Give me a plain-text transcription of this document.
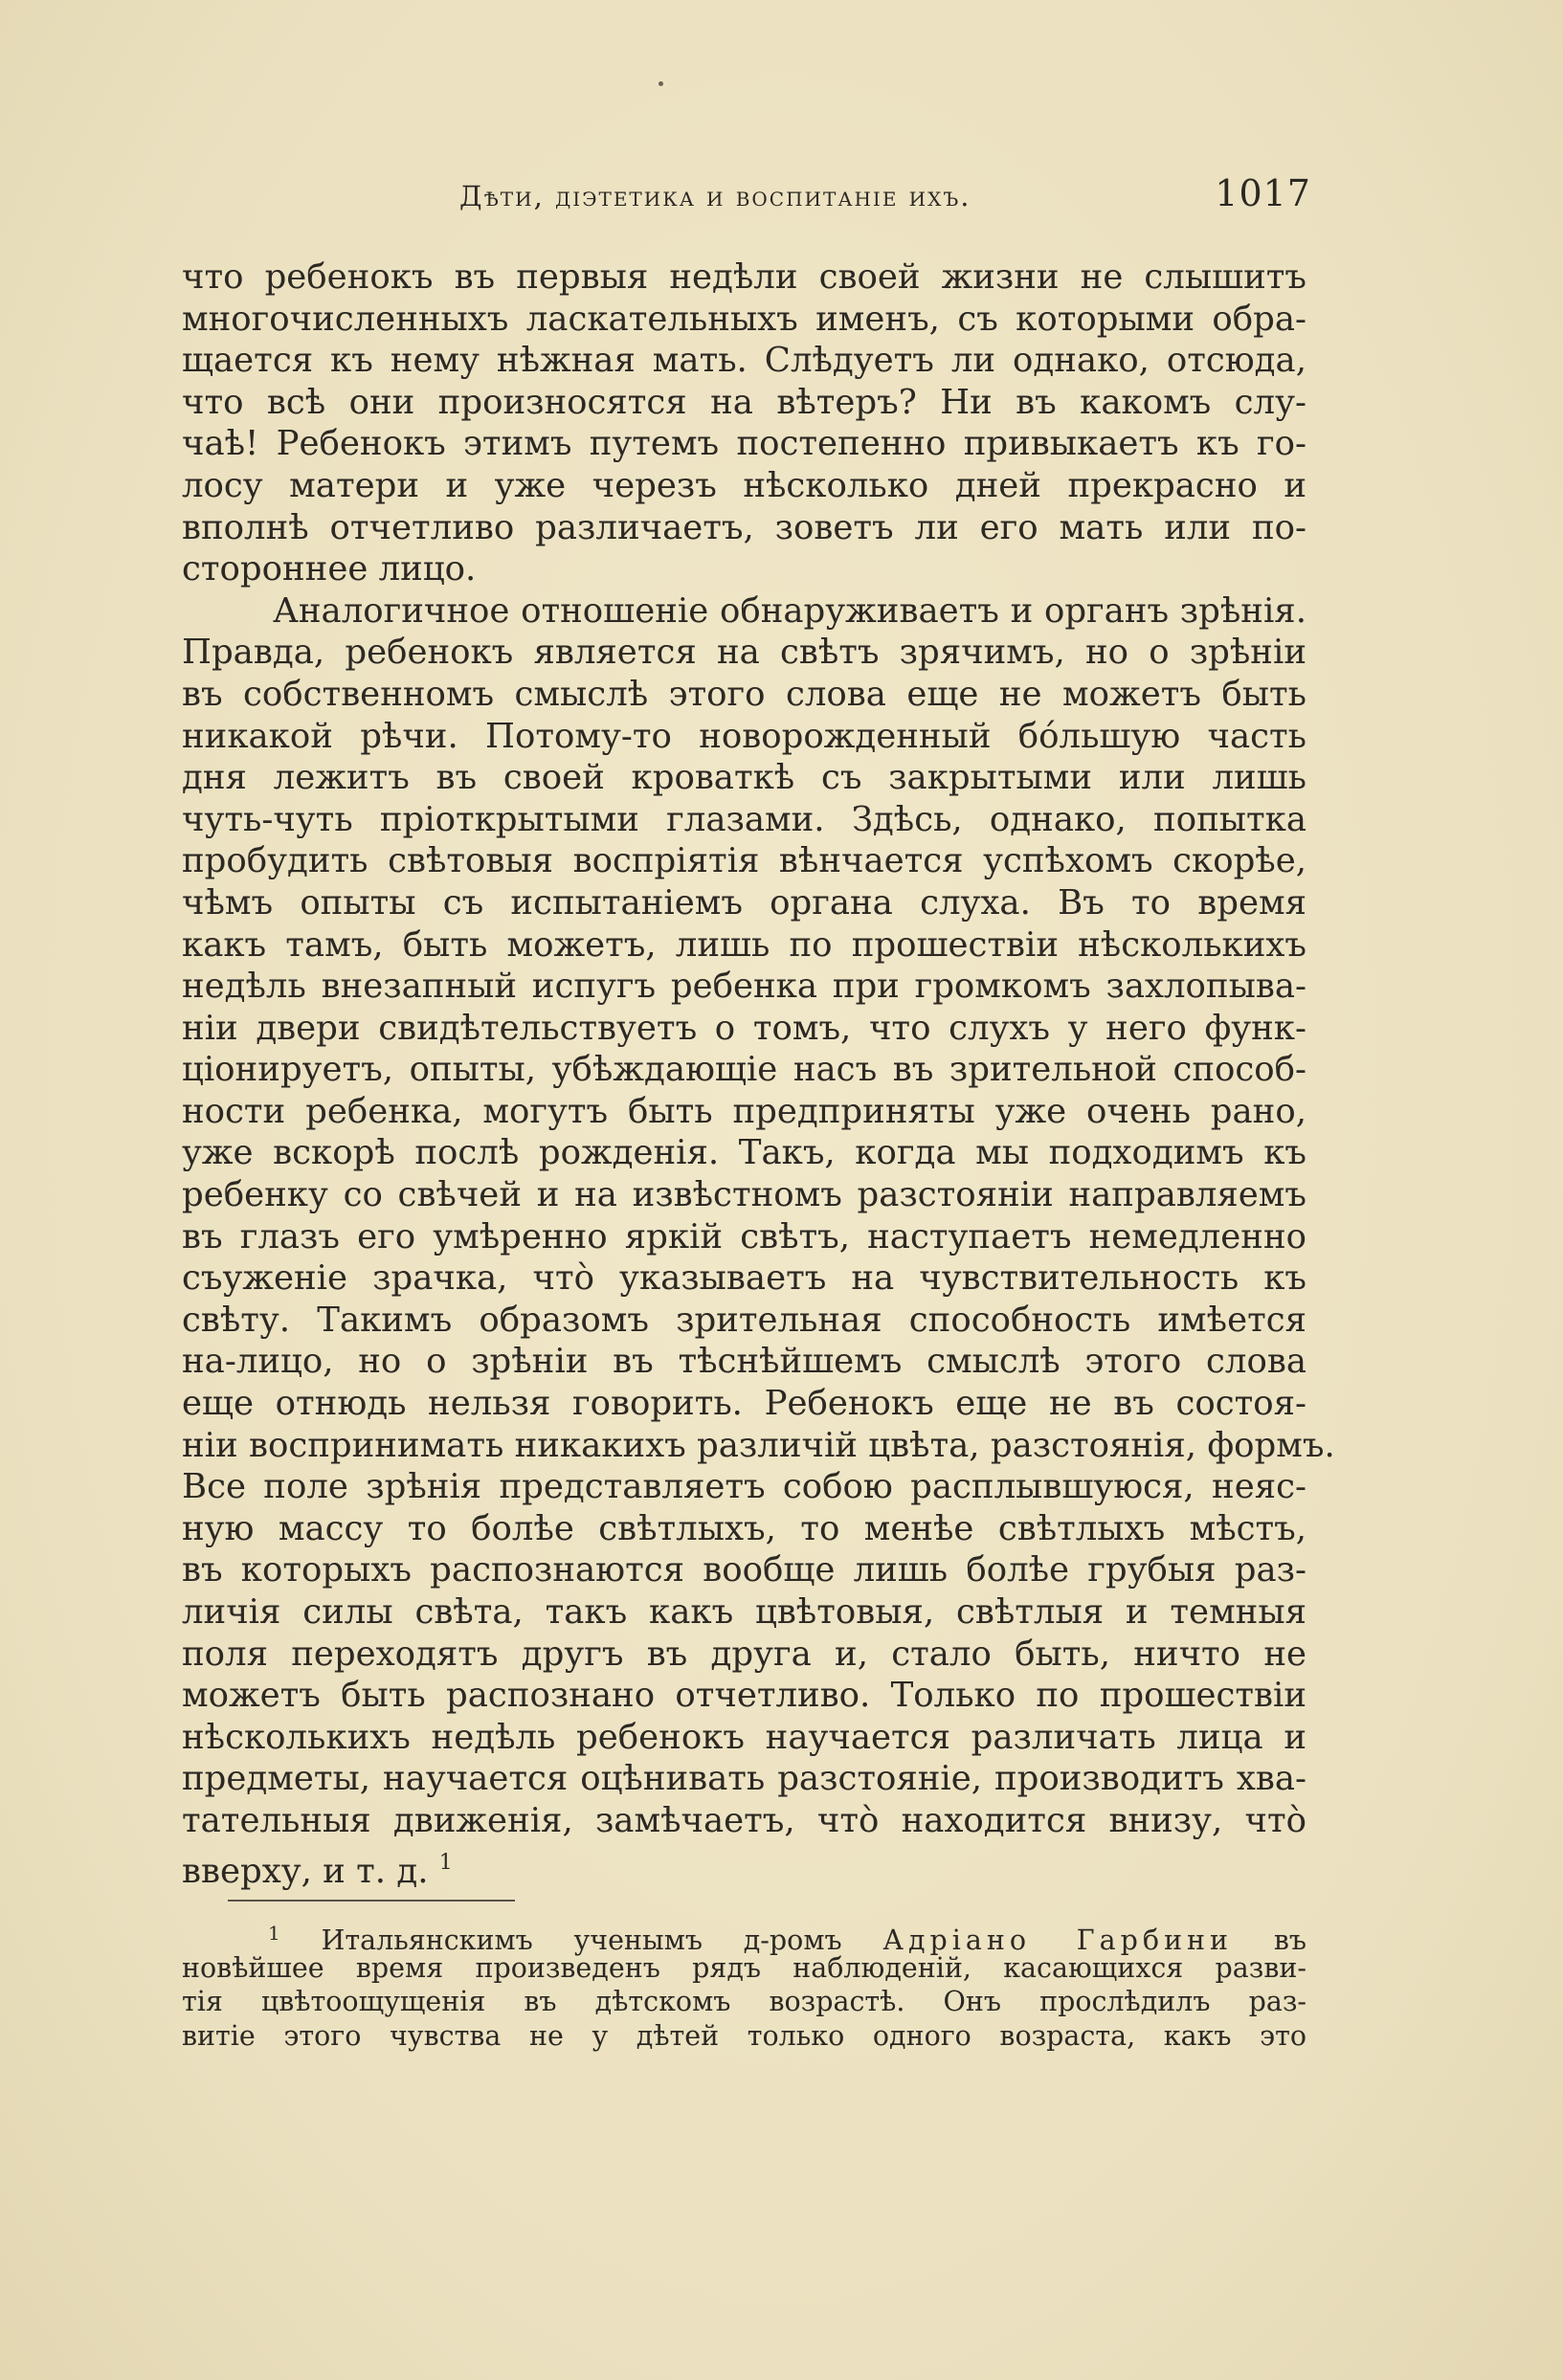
Дѣти, діэтетика и воспитаніе ихъ.	1017
что ребенокъ въ первыя недѣли своей жизни не слышитъ
многочисленныхъ ласкательныхъ именъ, съ которыми обра-
щается къ нему нѣжная мать. Слѣдуетъ ли однако, отсюда,
что всѣ они произносятся на вѣтеръ? Ни въ какомъ слу-
чаѣ! Ребенокъ этимъ путемъ постепенно привыкаетъ къ го-
лосу матери и уже черезъ нѣсколько дней прекрасно и
вполнѣ отчетливо различаетъ, зоветъ ли его мать или по-
стороннее лицо.
Аналогичное отношеніе обнаруживаетъ и органъ зрѣнія.
Правда, ребенокъ является на свѣтъ зрячимъ, но о зрѣніи
въ собственномъ смыслѣ этого слова еще не можетъ быть
никакой рѣчи. Потому-то новорожденный бóльшую часть
дня лежитъ въ своей кроваткѣ съ закрытыми или лишь
чуть-чуть пріоткрытыми глазами. Здѣсь, однако, попытка
пробудить свѣтовыя воспріятія вѣнчается успѣхомъ скорѣе,
чѣмъ опыты съ испытаніемъ органа слуха. Въ то время
какъ тамъ, быть можетъ, лишь по прошествіи нѣсколькихъ
недѣль внезапный испугъ ребенка при громкомъ захлопыва-
ніи двери свидѣтельствуетъ о томъ, что слухъ у него функ-
ціонируетъ, опыты, убѣждающіе насъ въ зрительной способ-
ности ребенка, могутъ быть предприняты уже очень рано,
уже вскорѣ послѣ рожденія. Такъ, когда мы подходимъ къ
ребенку со свѣчей и на извѣстномъ разстояніи направляемъ
въ глазъ его умѣренно яркій свѣтъ, наступаетъ немедленно
съуженіе зрачка, чтò указываетъ на чувствительность къ
свѣту. Такимъ образомъ зрительная способность имѣется
на-лицо, но о зрѣніи въ тѣснѣйшемъ смыслѣ этого слова
еще отнюдь нельзя говорить. Ребенокъ еще не въ состоя-
ніи воспринимать никакихъ различій цвѣта, разстоянія, формъ.
Все поле зрѣнія представляетъ собою расплывшуюся, неяс-
ную массу то болѣе свѣтлыхъ, то менѣе свѣтлыхъ мѣстъ,
въ которыхъ распознаются вообще лишь болѣе грубыя раз-
личія силы свѣта, такъ какъ цвѣтовыя, свѣтлыя и темныя
поля переходятъ другъ въ друга и, стало быть, ничто не
можетъ быть распознано отчетливо. Только по прошествіи
нѣсколькихъ недѣль ребенокъ научается различать лица и
предметы, научается оцѣнивать разстояніе, производитъ хва-
тательныя движенія, замѣчаетъ, чтò находится внизу, чтò
вверху, и т. д. $^1$
$^1$ Итальянскимъ ученымъ д-ромъ Адріано Гарбини въ
новѣйшее время произведенъ рядъ наблюденій, касающихся разви-
тія цвѣтоощущенія въ дѣтскомъ возрастѣ. Онъ прослѣдилъ раз-
витіе этого чувства не у дѣтей только одного возраста, какъ это
